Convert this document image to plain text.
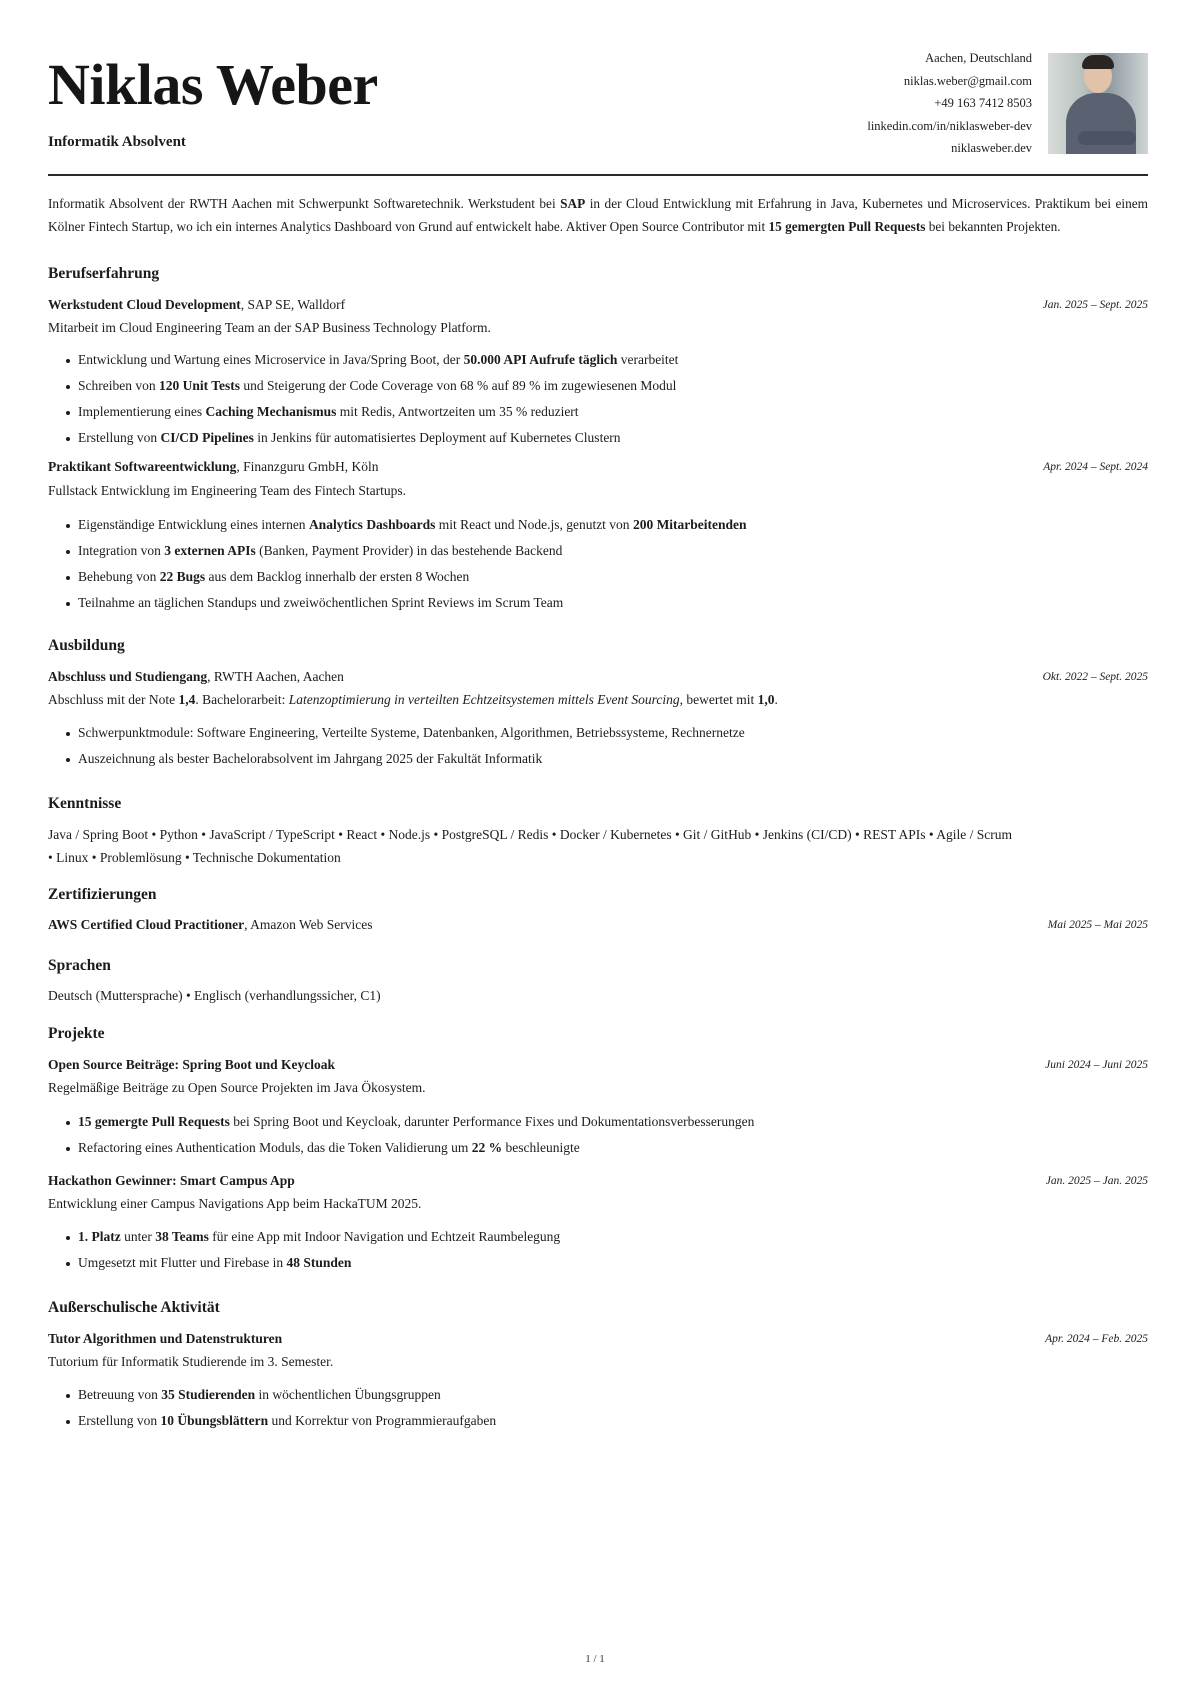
Niklas Weber
Informatik Absolvent
Aachen, Deutschland
niklas.weber@gmail.com
+49 163 7412 8503
linkedin.com/in/niklasweber-dev
niklasweber.dev
Informatik Absolvent der RWTH Aachen mit Schwerpunkt Softwaretechnik. Werkstudent bei SAP in der Cloud Entwicklung mit Erfahrung in Java, Kubernetes und Microservices. Praktikum bei einem Kölner Fintech Startup, wo ich ein internes Analytics Dashboard von Grund auf entwickelt habe. Aktiver Open Source Contributor mit 15 gemergten Pull Requests bei bekannten Projekten.
Berufserfahrung
Werkstudent Cloud Development, SAP SE, Walldorf	Jan. 2025 – Sept. 2025
Mitarbeit im Cloud Engineering Team an der SAP Business Technology Platform.
Entwicklung und Wartung eines Microservice in Java/Spring Boot, der 50.000 API Aufrufe täglich verarbeitet
Schreiben von 120 Unit Tests und Steigerung der Code Coverage von 68 % auf 89 % im zugewiesenen Modul
Implementierung eines Caching Mechanismus mit Redis, Antwortzeiten um 35 % reduziert
Erstellung von CI/CD Pipelines in Jenkins für automatisiertes Deployment auf Kubernetes Clustern
Praktikant Softwareentwicklung, Finanzguru GmbH, Köln	Apr. 2024 – Sept. 2024
Fullstack Entwicklung im Engineering Team des Fintech Startups.
Eigenständige Entwicklung eines internen Analytics Dashboards mit React und Node.js, genutzt von 200 Mitarbeitenden
Integration von 3 externen APIs (Banken, Payment Provider) in das bestehende Backend
Behebung von 22 Bugs aus dem Backlog innerhalb der ersten 8 Wochen
Teilnahme an täglichen Standups und zweiwöchentlichen Sprint Reviews im Scrum Team
Ausbildung
Abschluss und Studiengang, RWTH Aachen, Aachen	Okt. 2022 – Sept. 2025
Abschluss mit der Note 1,4. Bachelorarbeit: Latenzoptimierung in verteilten Echtzeitsystemen mittels Event Sourcing, bewertet mit 1,0.
Schwerpunktmodule: Software Engineering, Verteilte Systeme, Datenbanken, Algorithmen, Betriebssysteme, Rechnernetze
Auszeichnung als bester Bachelorabsolvent im Jahrgang 2025 der Fakultät Informatik
Kenntnisse
Java / Spring Boot • Python • JavaScript / TypeScript • React • Node.js • PostgreSQL / Redis • Docker / Kubernetes • Git / GitHub • Jenkins (CI/CD) • REST APIs • Agile / Scrum
• Linux • Problemlösung • Technische Dokumentation
Zertifizierungen
AWS Certified Cloud Practitioner, Amazon Web Services	Mai 2025 – Mai 2025
Sprachen
Deutsch (Muttersprache) • Englisch (verhandlungssicher, C1)
Projekte
Open Source Beiträge: Spring Boot und Keycloak	Juni 2024 – Juni 2025
Regelmäßige Beiträge zu Open Source Projekten im Java Ökosystem.
15 gemergte Pull Requests bei Spring Boot und Keycloak, darunter Performance Fixes und Dokumentationsverbesserungen
Refactoring eines Authentication Moduls, das die Token Validierung um 22 % beschleunigte
Hackathon Gewinner: Smart Campus App	Jan. 2025 – Jan. 2025
Entwicklung einer Campus Navigations App beim HackaTUM 2025.
1. Platz unter 38 Teams für eine App mit Indoor Navigation und Echtzeit Raumbelegung
Umgesetzt mit Flutter und Firebase in 48 Stunden
Außerschulische Aktivität
Tutor Algorithmen und Datenstrukturen	Apr. 2024 – Feb. 2025
Tutorium für Informatik Studierende im 3. Semester.
Betreuung von 35 Studierenden in wöchentlichen Übungsgruppen
Erstellung von 10 Übungsblättern und Korrektur von Programmieraufgaben
1 / 1
